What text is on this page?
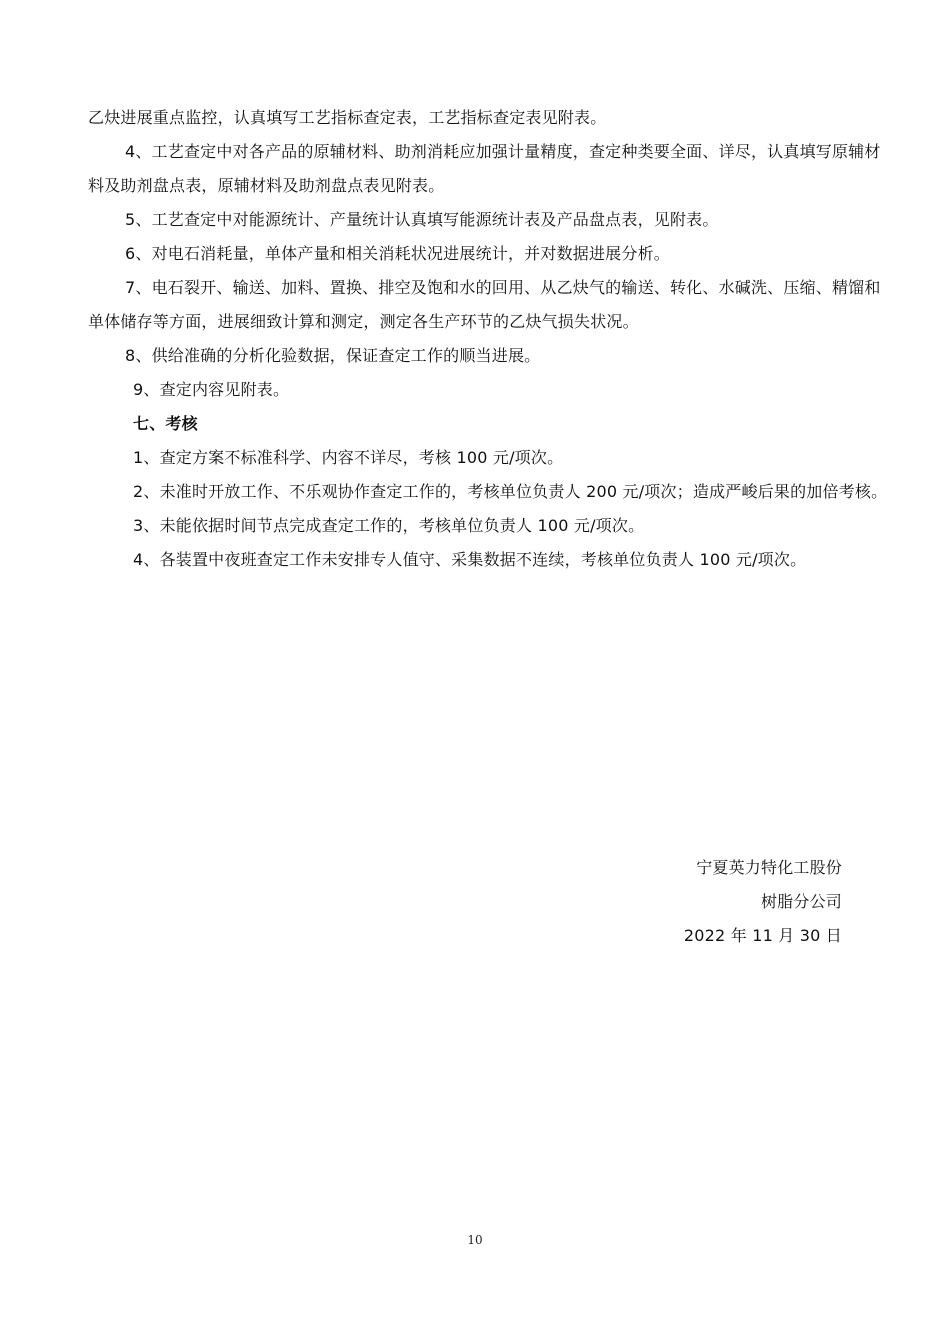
乙炔进展重点监控，认真填写工艺指标查定表，工艺指标查定表见附表。

4、工艺查定中对各产品的原辅材料、助剂消耗应加强计量精度，查定种类要全面、详尽，认真填写原辅材料及助剂盘点表，原辅材料及助剂盘点表见附表。

5、工艺查定中对能源统计、产量统计认真填写能源统计表及产品盘点表，见附表。

6、对电石消耗量，单体产量和相关消耗状况进展统计，并对数据进展分析。

7、电石裂开、输送、加料、置换、排空及饱和水的回用、从乙炔气的输送、转化、水碱洗、压缩、精馏和单体储存等方面，进展细致计算和测定，测定各生产环节的乙炔气损失状况。

8、供给准确的分析化验数据，保证查定工作的顺当进展。

9、查定内容见附表。

七、考核

1、查定方案不标准科学、内容不详尽，考核 100 元/项次。

2、未准时开放工作、不乐观协作查定工作的，考核单位负责人 200 元/项次；造成严峻后果的加倍考核。

3、未能依据时间节点完成查定工作的，考核单位负责人 100 元/项次。

4、各装置中夜班查定工作未安排专人值守、采集数据不连续，考核单位负责人 100 元/项次。

宁夏英力特化工股份
树脂分公司
2022 年 11 月 30 日
10
